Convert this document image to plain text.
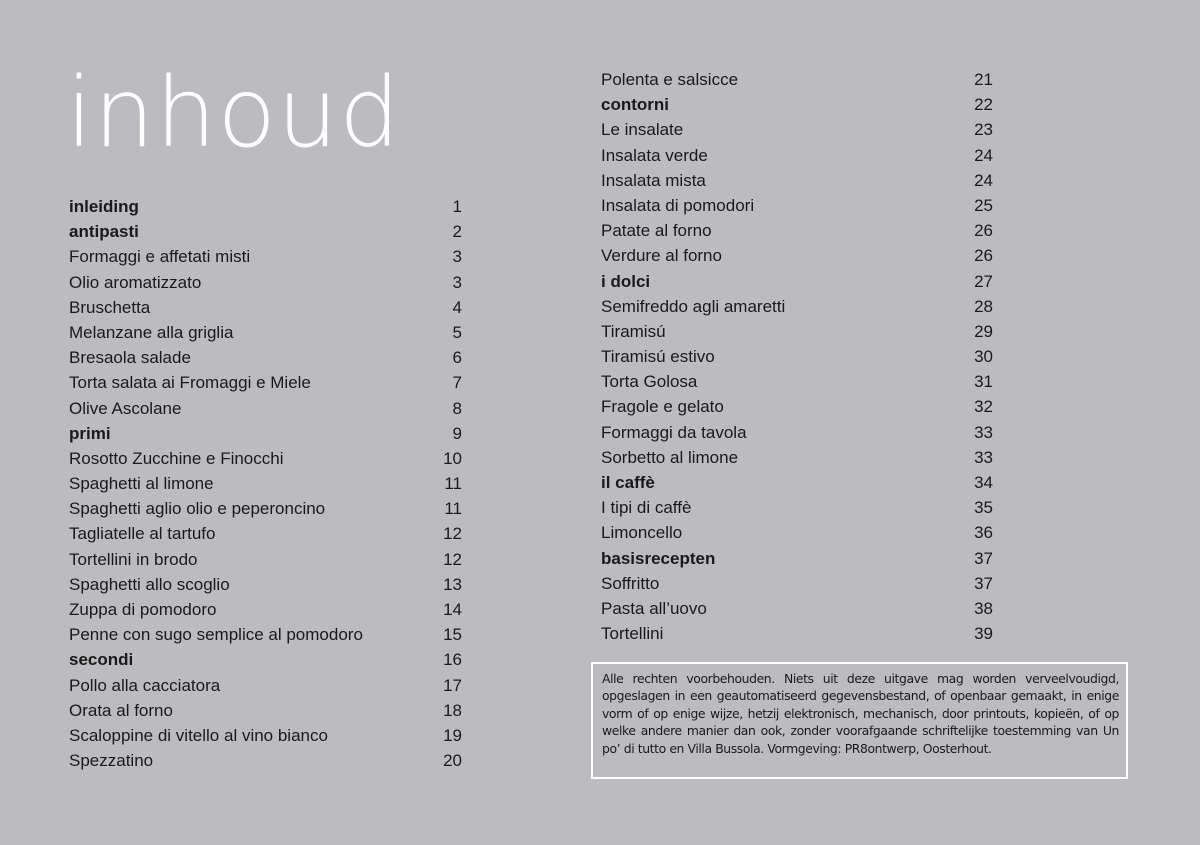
inhoud
inleiding	1
antipasti	2
Formaggi e affetati misti	3
Olio aromatizzato	3
Bruschetta	4
Melanzane alla griglia	5
Bresaola salade	6
Torta salata ai Fromaggi e Miele	7
Olive Ascolane	8
primi	9
Rosotto Zucchine e Finocchi	10
Spaghetti al limone	11
Spaghetti aglio olio e peperoncino	11
Tagliatelle al tartufo	12
Tortellini in brodo	12
Spaghetti allo scoglio	13
Zuppa di pomodoro	14
Penne con sugo semplice al pomodoro	15
secondi	16
Pollo alla cacciatora	17
Orata al forno	18
Scaloppine di vitello al vino bianco	19
Spezzatino	20
Polenta e salsicce	21
contorni	22
Le insalate	23
Insalata verde	24
Insalata mista	24
Insalata di pomodori	25
Patate al forno	26
Verdure al forno	26
i dolci	27
Semifreddo agli amaretti	28
Tiramisú	29
Tiramisú estivo	30
Torta Golosa	31
Fragole e gelato	32
Formaggi da tavola	33
Sorbetto al limone	33
il caffè	34
I tipi di caffè	35
Limoncello	36
basisrecepten	37
Soffritto	37
Pasta all’uovo	38
Tortellini	39
Alle rechten voorbehouden. Niets uit deze uitgave mag worden verveelvoudigd, opgeslagen in een geautomatiseerd gegevensbestand, of openbaar gemaakt, in enige vorm of op enige wijze, hetzij elektronisch, mechanisch, door printouts, kopieën, of op welke andere manier dan ook, zonder voorafgaande schriftelijke toestemming van Un po’ di tutto en Villa Bussola. Vormgeving: PR8ontwerp, Oosterhout.
